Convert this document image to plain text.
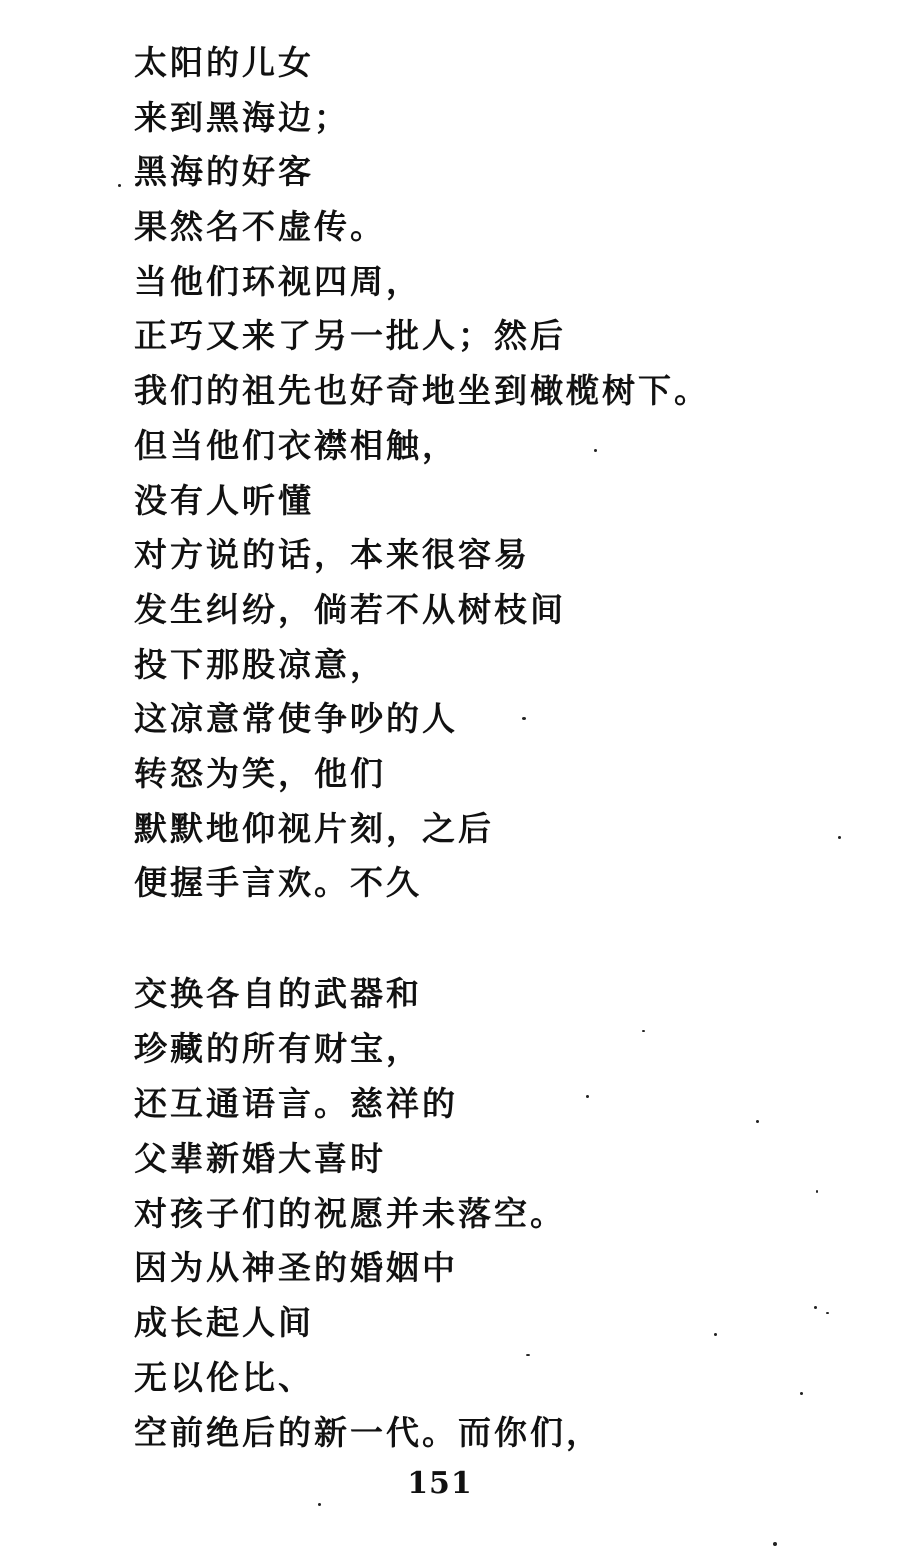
太阳的儿女
来到黑海边；
黑海的好客
果然名不虚传。
当他们环视四周，
正巧又来了另一批人；然后
我们的祖先也好奇地坐到橄榄树下。
但当他们衣襟相触，
没有人听懂
对方说的话，本来很容易
发生纠纷，倘若不从树枝间
投下那股凉意，
这凉意常使争吵的人
转怒为笑，他们
默默地仰视片刻，之后
便握手言欢。不久
交换各自的武器和
珍藏的所有财宝，
还互通语言。慈祥的
父辈新婚大喜时
对孩子们的祝愿并未落空。
因为从神圣的婚姻中
成长起人间
无以伦比、
空前绝后的新一代。而你们，
151
